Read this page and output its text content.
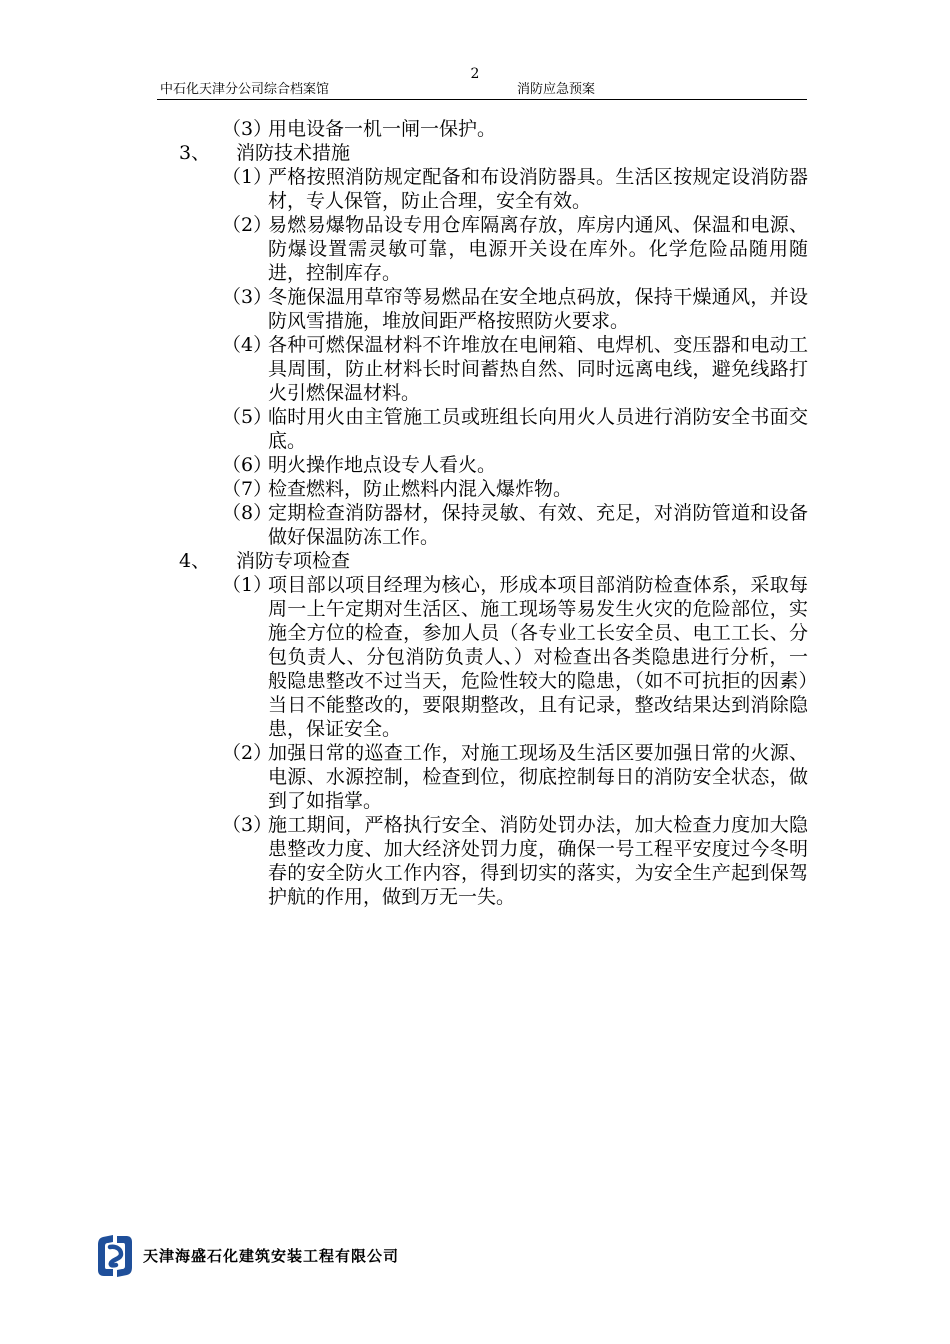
2
中石化天津分公司综合档案馆	消防应急预案
（3）
用电设备一机一闸一保护。
3、	消防技术措施
（1）
严格按照消防规定配备和布设消防器具。生活区按规定设消防器材，专人保管，防止合理，安全有效。
（2）
易燃易爆物品设专用仓库隔离存放，库房内通风、保温和电源、防爆设置需灵敏可靠，电源开关设在库外。化学危险品随用随进，控制库存。
（3）
冬施保温用草帘等易燃品在安全地点码放，保持干燥通风，并设防风雪措施，堆放间距严格按照防火要求。
（4）
各种可燃保温材料不许堆放在电闸箱、电焊机、变压器和电动工具周围，防止材料长时间蓄热自然、同时远离电线，避免线路打火引燃保温材料。
（5）
临时用火由主管施工员或班组长向用火人员进行消防安全书面交底。
（6）
明火操作地点设专人看火。
（7）
检查燃料，防止燃料内混入爆炸物。
（8）
定期检查消防器材，保持灵敏、有效、充足，对消防管道和设备做好保温防冻工作。
4、	消防专项检查
（1）
项目部以项目经理为核心，形成本项目部消防检查体系，采取每周一上午定期对生活区、施工现场等易发生火灾的危险部位，实施全方位的检查，参加人员（各专业工长安全员、电工工长、分包负责人、分包消防负责人、）对检查出各类隐患进行分析，一般隐患整改不过当天，危险性较大的隐患，（如不可抗拒的因素）当日不能整改的，要限期整改，且有记录，整改结果达到消除隐患，保证安全。
（2）
加强日常的巡查工作，对施工现场及生活区要加强日常的火源、电源、水源控制，检查到位，彻底控制每日的消防安全状态，做到了如指掌。
（3）
施工期间，严格执行安全、消防处罚办法，加大检查力度加大隐患整改力度、加大经济处罚力度，确保一号工程平安度过今冬明春的安全防火工作内容，得到切实的落实，为安全生产起到保驾护航的作用，做到万无一失。
天津海盛石化建筑安装工程有限公司
